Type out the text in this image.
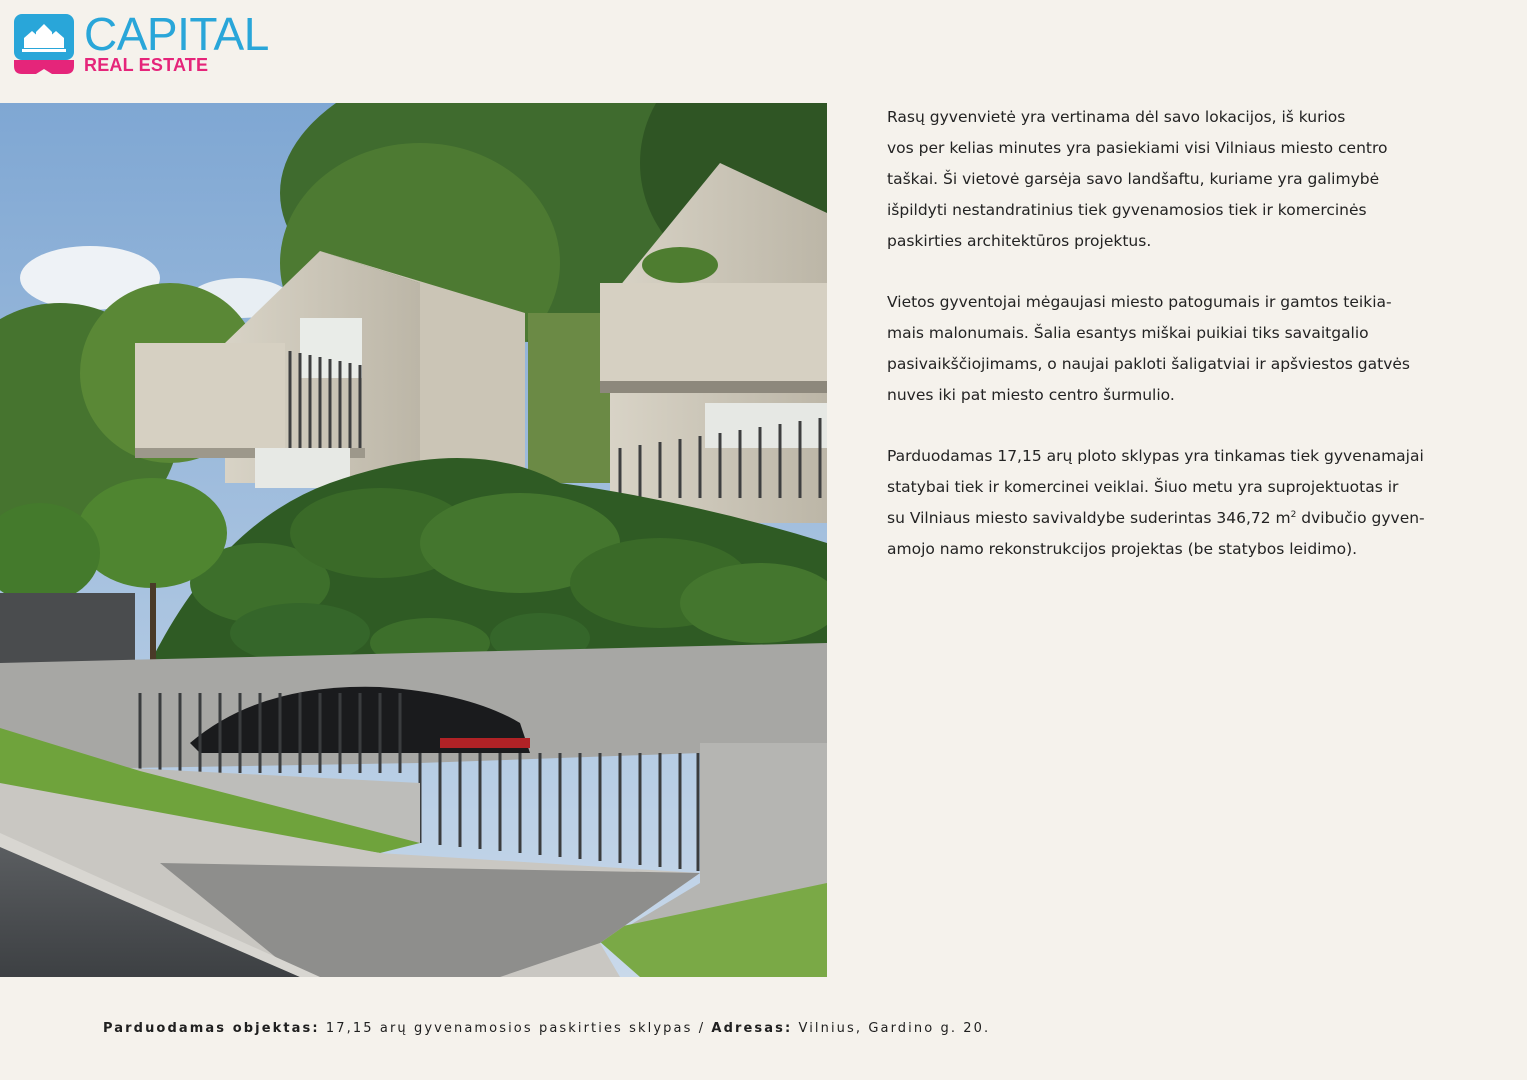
CAPITAL
REAL ESTATE

Rasų gyvenvietė yra vertinama dėl savo lokacijos, iš kurios
vos per kelias minutes yra pasiekiami visi Vilniaus miesto centro
taškai. Ši vietovė garsėja savo landšaftu, kuriame yra galimybė
išpildyti nestandratinius tiek gyvenamosios tiek ir komercinės
paskirties architektūros projektus.

Vietos gyventojai mėgaujasi miesto patogumais ir gamtos teikia-
mais malonumais. Šalia esantys miškai puikiai tiks savaitgalio
pasivaikščiojimams, o naujai pakloti šaligatviai ir apšviestos gatvės
nuves iki pat miesto centro šurmulio.

Parduodamas 17,15 arų ploto sklypas yra tinkamas tiek gyvenamajai
statybai tiek ir komercinei veiklai. Šiuo metu yra suprojektuotas ir
su Vilniaus miesto savivaldybe suderintas 346,72 $m^2$ dvibučio gyven-
amojo namo rekonstrukcijos projektas (be statybos leidimo).

Parduodamas objektas: 17,15 arų gyvenamosios paskirties sklypas / Adresas: Vilnius, Gardino g. 20.
